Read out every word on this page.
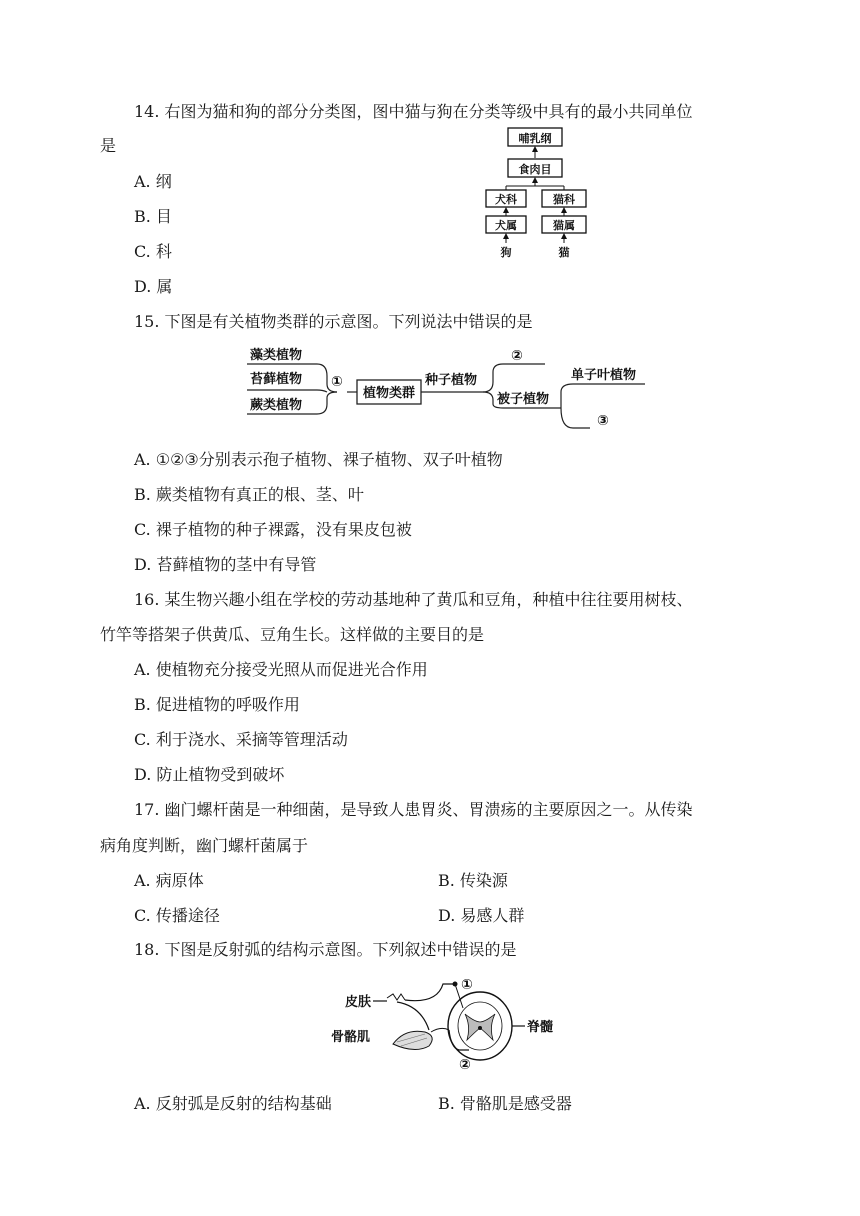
14. 右图为猫和狗的部分分类图，图中猫与狗在分类等级中具有的最小共同单位
是
A. 纲
B. 目
C. 科
D. 属
哺乳纲
食肉目
犬科	猫科
犬属	猫属
狗	猫
15. 下图是有关植物类群的示意图。下列说法中错误的是
藻类植物
苔藓植物
蕨类植物
①
植物类群
种子植物
②
被子植物
单子叶植物
③
A. ①②③分别表示孢子植物、裸子植物、双子叶植物
B. 蕨类植物有真正的根、茎、叶
C. 裸子植物的种子裸露，没有果皮包被
D. 苔藓植物的茎中有导管
16. 某生物兴趣小组在学校的劳动基地种了黄瓜和豆角，种植中往往要用树枝、
竹竿等搭架子供黄瓜、豆角生长。这样做的主要目的是
A. 使植物充分接受光照从而促进光合作用
B. 促进植物的呼吸作用
C. 利于浇水、采摘等管理活动
D. 防止植物受到破坏
17. 幽门螺杆菌是一种细菌，是导致人患胃炎、胃溃疡的主要原因之一。从传染
病角度判断，幽门螺杆菌属于
A. 病原体	B. 传染源
C. 传播途径	D. 易感人群
18. 下图是反射弧的结构示意图。下列叙述中错误的是
皮肤
骨骼肌
①
②
脊髓
A. 反射弧是反射的结构基础	B. 骨骼肌是感受器
